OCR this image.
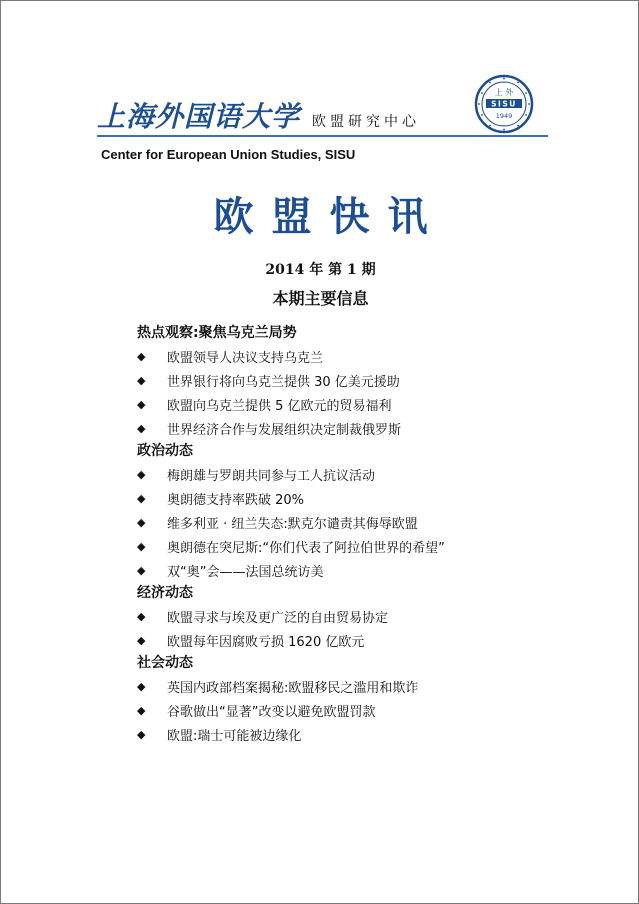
上海外国语大学 欧盟研究中心
上 外
SISU
1949
Center for European Union Studies, SISU
欧盟快讯
2014 年 第 1 期
本期主要信息
热点观察:聚焦乌克兰局势
◆	欧盟领导人决议支持乌克兰
◆	世界银行将向乌克兰提供 30 亿美元援助
◆	欧盟向乌克兰提供 5 亿欧元的贸易福利
◆	世界经济合作与发展组织决定制裁俄罗斯
政治动态
◆	梅朗雄与罗朗共同参与工人抗议活动
◆	奥朗德支持率跌破 20%
◆	维多利亚 · 纽兰失态:默克尔谴责其侮辱欧盟
◆	奥朗德在突尼斯:“你们代表了阿拉伯世界的希望”
◆	双“奥”会——法国总统访美
经济动态
◆	欧盟寻求与埃及更广泛的自由贸易协定
◆	欧盟每年因腐败亏损 1620 亿欧元
社会动态
◆	英国内政部档案揭秘:欧盟移民之滥用和欺诈
◆	谷歌做出“显著”改变以避免欧盟罚款
◆	欧盟:瑞士可能被边缘化
